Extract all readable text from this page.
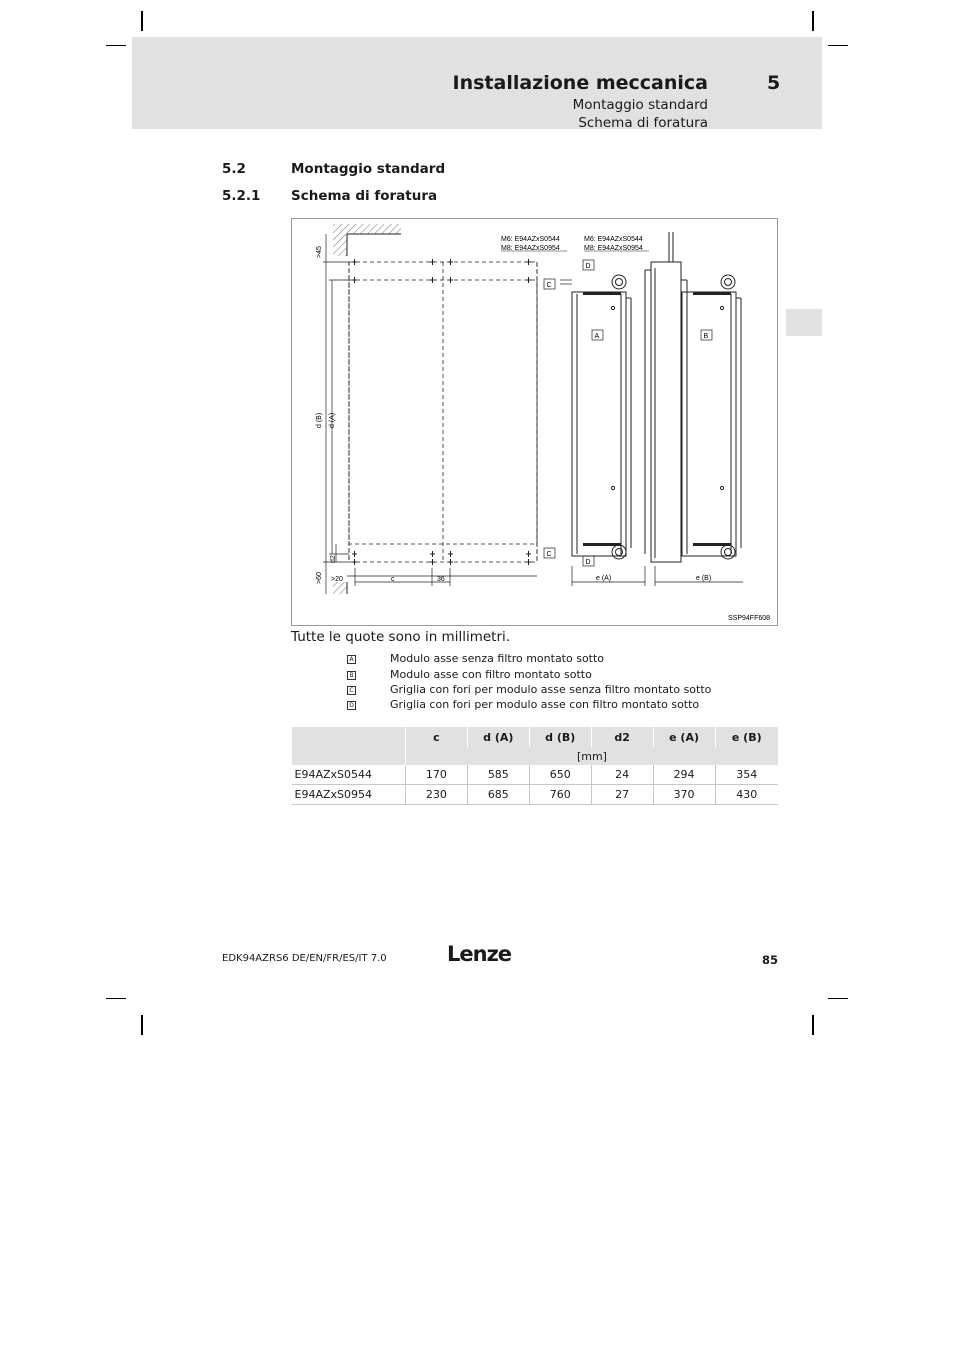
Installazione meccanica	5
Montaggio standard
Schema di foratura
5.2	Montaggio standard
5.2.1 Schema di foratura
>45
d (B) d (A)
d2
>60 >20	c	36
M6: E94AZxS0544
M8: E94AZxS0954
M6: E94AZxS0544
M8: E94AZxS0954
C
C
D
D
A	B
e (A)	e (B)
SSP94FF608
Tutte le quote sono in millimetri.
A	Modulo asse senza filtro montato sotto
B	Modulo asse con filtro montato sotto
C	Griglia con fori per modulo asse senza filtro montato sotto
D	Griglia con fori per modulo asse con filtro montato sotto
	c	d (A)	d (B)	d2	e (A)	e (B)
	[mm]					
E94AZxS0544	170	585	650	24	294	354
E94AZxS0954	230	685	760	27	370	430
EDK94AZRS6 DE/EN/FR/ES/IT 7.0	Lenze	85
